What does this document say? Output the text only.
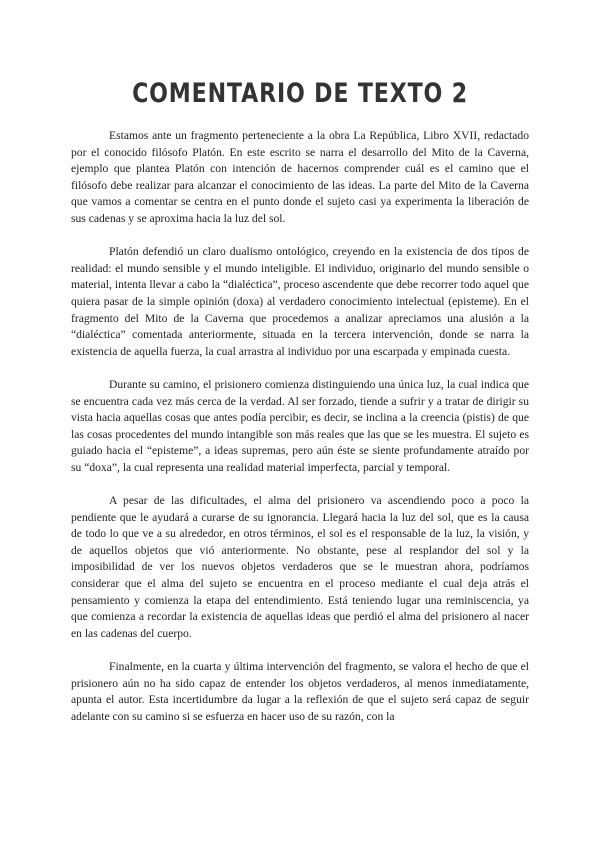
COMENTARIO DE TEXTO 2

Estamos ante un fragmento perteneciente a la obra La República, Libro XVII, redactado por el conocido filósofo Platón. En este escrito se narra el desarrollo del Mito de la Caverna, ejemplo que plantea Platón con intención de hacernos comprender cuál es el camino que el filósofo debe realizar para alcanzar el conocimiento de las ideas. La parte del Mito de la Caverna que vamos a comentar se centra en el punto donde el sujeto casi ya experimenta la liberación de sus cadenas y se aproxima hacia la luz del sol.

Platón defendió un claro dualismo ontológico, creyendo en la existencia de dos tipos de realidad: el mundo sensible y el mundo inteligible. El individuo, originario del mundo sensible o material, intenta llevar a cabo la “dialéctica”, proceso ascendente que debe recorrer todo aquel que quiera pasar de la simple opinión (doxa) al verdadero conocimiento intelectual (episteme). En el fragmento del Mito de la Caverna que procedemos a analizar apreciamos una alusión a la “dialéctica” comentada anteriormente, situada en la tercera intervención, donde se narra la existencia de aquella fuerza, la cual arrastra al individuo por una escarpada y empinada cuesta.

Durante su camino, el prisionero comienza distinguiendo una única luz, la cual indica que se encuentra cada vez más cerca de la verdad. Al ser forzado, tiende a sufrir y a tratar de dirigir su vista hacia aquellas cosas que antes podía percibir, es decir, se inclina a la creencia (pistis) de que las cosas procedentes del mundo intangible son más reales que las que se les muestra. El sujeto es guiado hacia el “episteme”, a ideas supremas, pero aún éste se siente profundamente atraído por su “doxa”, la cual representa una realidad material imperfecta, parcial y temporal.

A pesar de las dificultades, el alma del prisionero va ascendiendo poco a poco la pendiente que le ayudará a curarse de su ignorancia. Llegará hacia la luz del sol, que es la causa de todo lo que ve a su alrededor, en otros términos, el sol es el responsable de la luz, la visión, y de aquellos objetos que vió anteriormente. No obstante, pese al resplandor del sol y la imposibilidad de ver los nuevos objetos verdaderos que se le muestran ahora, podríamos considerar que el alma del sujeto se encuentra en el proceso mediante el cual deja atrás el pensamiento y comienza la etapa del entendimiento. Está teniendo lugar una reminiscencia, ya que comienza a recordar la existencia de aquellas ideas que perdió el alma del prisionero al nacer en las cadenas del cuerpo.

Finalmente, en la cuarta y última intervención del fragmento, se valora el hecho de que el prisionero aún no ha sido capaz de entender los objetos verdaderos, al menos inmediatamente, apunta el autor. Esta incertidumbre da lugar a la reflexión de que el sujeto será capaz de seguir adelante con su camino si se esfuerza en hacer uso de su razón, con la
